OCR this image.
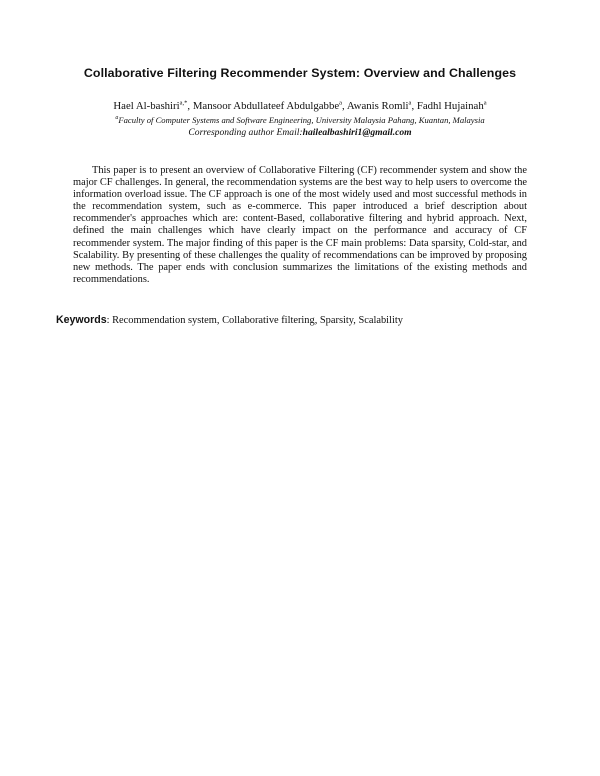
Collaborative Filtering Recommender System: Overview and Challenges
Hael Al-bashiri$^{a,*}$, Mansoor Abdullateef Abdulgabbe$^a$, Awanis Romli$^a$, Fadhl Hujainah$^a$
$^a$Faculty of Computer Systems and Software Engineering, University Malaysia Pahang, Kuantan, Malaysia
Corresponding author Email:hailealbashiri1@gmail.com

This paper is to present an overview of Collaborative Filtering (CF) recommender system and show the major CF challenges. In general, the recommendation systems are the best way to help users to overcome the information overload issue. The CF approach is one of the most widely used and most successful methods in the recommendation system, such as e-commerce. This paper introduced a brief description about recommender's approaches which are: content-Based, collaborative filtering and hybrid approach. Next, defined the main challenges which have clearly impact on the performance and accuracy of CF recommender system. The major finding of this paper is the CF main problems: Data sparsity, Cold-star, and Scalability. By presenting of these challenges the quality of recommendations can be improved by proposing new methods. The paper ends with conclusion summarizes the limitations of the existing methods and recommendations.

Keywords: Recommendation system, Collaborative filtering, Sparsity, Scalability
